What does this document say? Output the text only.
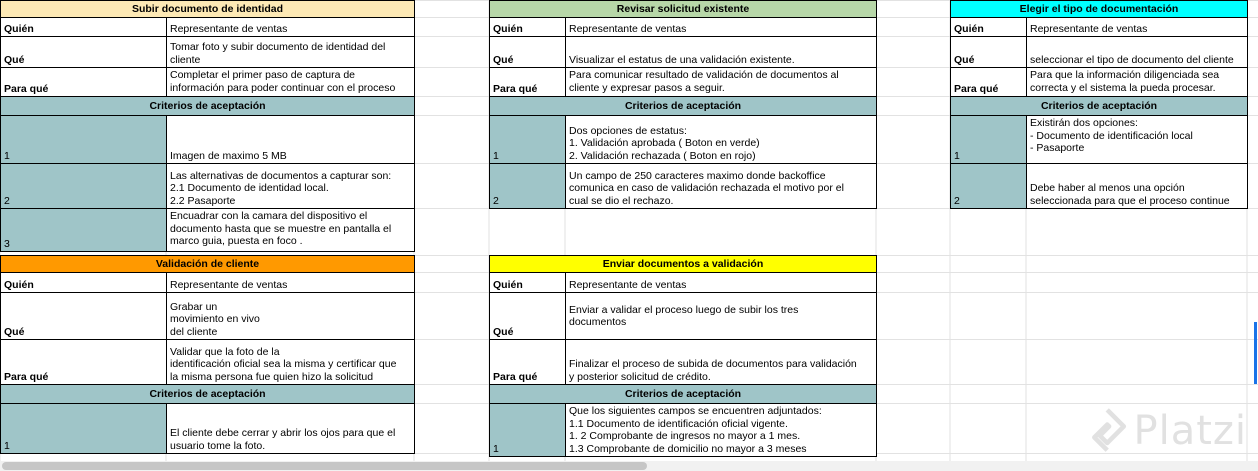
Subir documento de identidad	
Quién	Representante de ventas
Qué	Tomar foto y subir documento de identidad del
cliente
Para qué	Completar el primer paso de captura de
información para poder continuar con el proceso
Criterios de aceptación	
1	Imagen de maximo 5 MB
2	Las alternativas de documentos a capturar son:
2.1 Documento de identidad local.
2.2 Pasaporte
3	Encuadrar con la camara del dispositivo el
documento hasta que se muestre en pantalla el
marco guia, puesta en foco .
Revisar solicitud existente	
Quién	Representante de ventas
Qué	Visualizar el estatus de una validación existente.
Para qué	Para comunicar resultado de validación de documentos al
cliente y expresar pasos a seguir.
Criterios de aceptación	
1	Dos opciones de estatus:
1. Validación aprobada ( Boton en verde)
2. Validación rechazada ( Boton en rojo)
2	Un campo de 250 caracteres maximo donde backoffice
comunica en caso de validación rechazada el motivo por el
cual se dio el rechazo.
Elegir el tipo de documentación	
Quién	Representante de ventas
Qué	seleccionar el tipo de documento del cliente
Para qué	Para que la información diligenciada sea
correcta y el sistema la pueda procesar.
Criterios de aceptación	
1	Existirán dos opciones:
- Documento de identificación local
- Pasaporte
2	Debe haber al menos una opción
seleccionada para que el proceso continue
Validación de cliente	
Quién	Representante de ventas
Qué	Grabar un
movimiento en vivo
del cliente
Para qué	Validar que la foto de la
identificación oficial sea la misma y certificar que
la misma persona fue quien hizo la solicitud
Criterios de aceptación	
1	El cliente debe cerrar y abrir los ojos para que el
usuario tome la foto.
Enviar documentos a validación	
Quién	Representante de ventas
Qué	Enviar a validar el proceso luego de subir los tres
documentos
Para qué	Finalizar el proceso de subida de documentos para validación
y posterior solicitud de crédito.
Criterios de aceptación	
1	Que los siguientes campos se encuentren adjuntados:
1.1 Documento de identificación oficial vigente.
1. 2 Comprobante de ingresos no mayor a 1 mes.
1.3 Comprobante de domicilio no mayor a 3 meses	Platzi
